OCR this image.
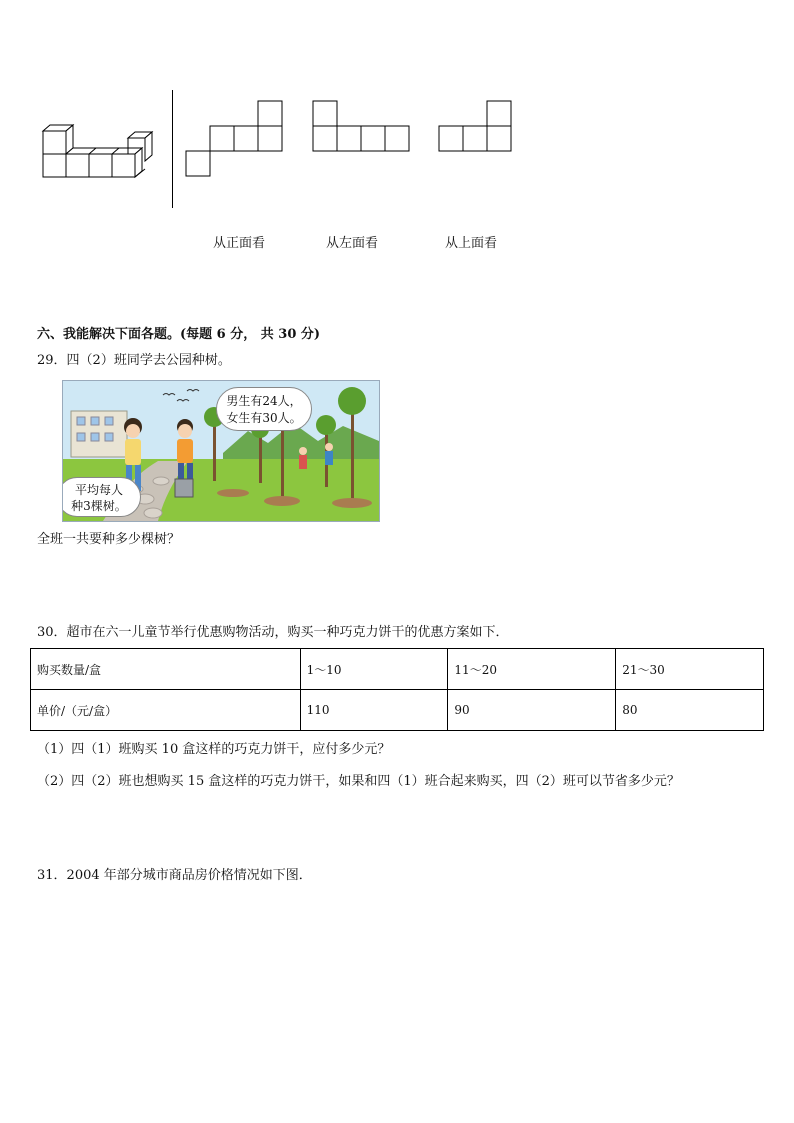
从正面看	从左面看	从上面看
六、我能解决下面各题。(每题 6 分， 共 30 分)
29．四（2）班同学去公园种树。
男生有24人，
女生有30人。
平均每人
种3棵树。
全班一共要种多少棵树？
30．超市在六一儿童节举行优惠购物活动，购买一种巧克力饼干的优惠方案如下．
购买数量/盒	1～10	11～20	21～30
单价/（元/盒）	110	90	80
（1）四（1）班购买 10 盒这样的巧克力饼干，应付多少元？
（2）四（2）班也想购买 15 盒这样的巧克力饼干，如果和四（1）班合起来购买，四（2）班可以节省多少元？
31．2004 年部分城市商品房价格情况如下图．
